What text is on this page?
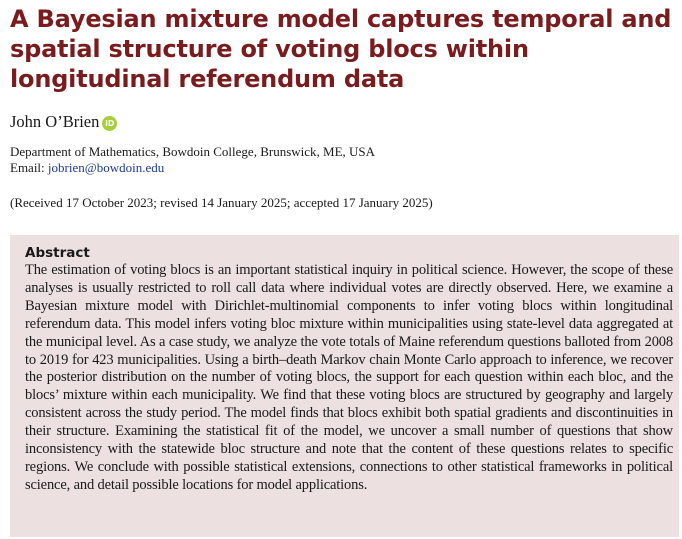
A Bayesian mixture model captures temporal and spatial structure of voting blocs within longitudinal referendum data
John O’Brien iD
Department of Mathematics, Bowdoin College, Brunswick, ME, USA
Email: jobrien@bowdoin.edu
(Received 17 October 2023; revised 14 January 2025; accepted 17 January 2025)
Abstract

The estimation of voting blocs is an important statistical inquiry in political science. However, the scope of these analyses is usually restricted to roll call data where individual votes are directly observed. Here, we examine a Bayesian mixture model with Dirichlet-multinomial components to infer voting blocs within longitudinal referendum data. This model infers voting bloc mixture within municipalities using state-level data aggregated at the municipal level. As a case study, we analyze the vote totals of Maine referendum questions balloted from 2008 to 2019 for 423 municipalities. Using a birth–death Markov chain Monte Carlo approach to inference, we recover the posterior distribution on the number of voting blocs, the support for each question within each bloc, and the blocs’ mixture within each municipality. We find that these voting blocs are structured by geography and largely consistent across the study period. The model finds that blocs exhibit both spatial gradients and discontinuities in their structure. Examining the statistical fit of the model, we uncover a small number of questions that show inconsistency with the statewide bloc structure and note that the content of these questions relates to specific regions. We conclude with possible statistical extensions, connections to other statistical frameworks in political science, and detail possible locations for model applications.
